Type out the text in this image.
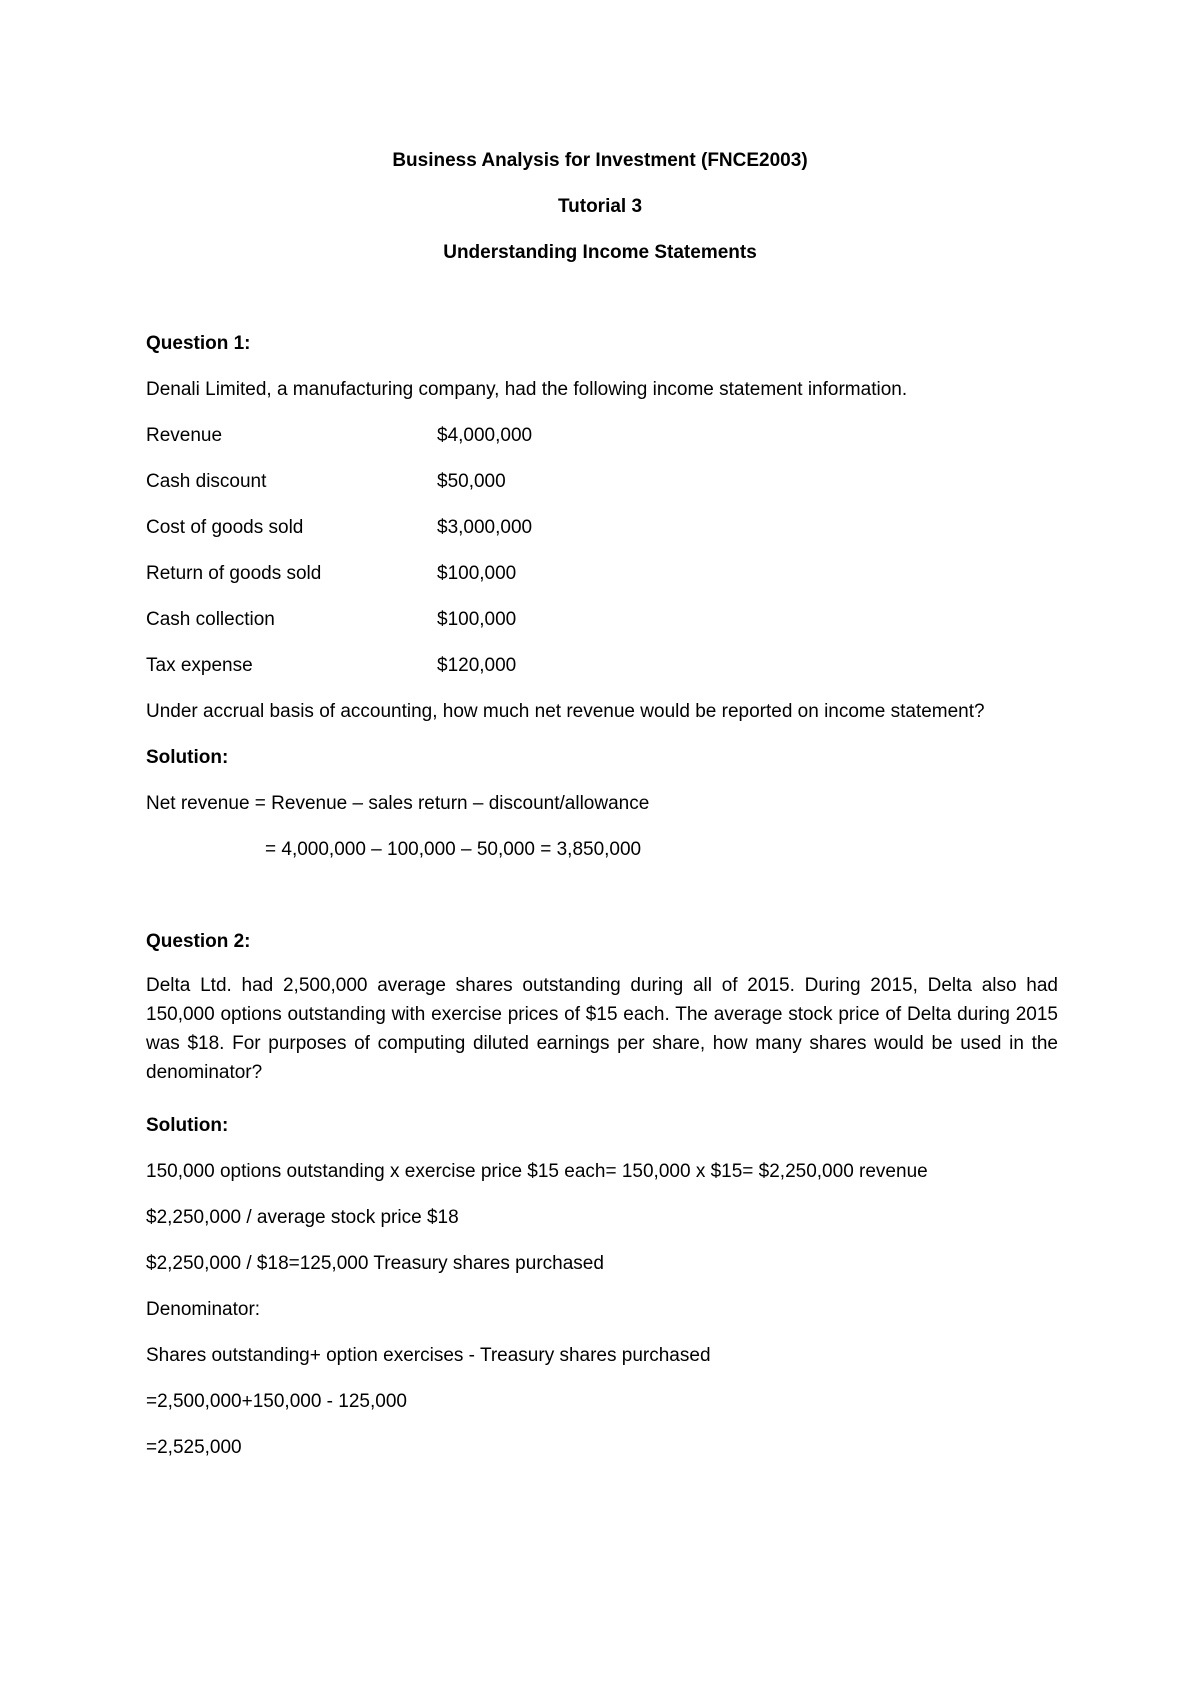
Business Analysis for Investment (FNCE2003)
Tutorial 3
Understanding Income Statements
Question 1:
Denali Limited, a manufacturing company, had the following income statement information.
Revenue	$4,000,000
Cash discount	$50,000
Cost of goods sold	$3,000,000
Return of goods sold	$100,000
Cash collection	$100,000
Tax expense	$120,000
Under accrual basis of accounting, how much net revenue would be reported on income statement?
Solution:
Net revenue = Revenue – sales return – discount/allowance
= 4,000,000 – 100,000 – 50,000 = 3,850,000
Question 2:
Delta Ltd. had 2,500,000 average shares outstanding during all of 2015. During 2015, Delta also had 150,000 options outstanding with exercise prices of $15 each. The average stock price of Delta during 2015 was $18. For purposes of computing diluted earnings per share, how many shares would be used in the denominator?
Solution:
150,000 options outstanding x exercise price $15 each= 150,000 x $15= $2,250,000 revenue
$2,250,000 / average stock price $18
$2,250,000 / $18=125,000 Treasury shares purchased
Denominator:
Shares outstanding+ option exercises - Treasury shares purchased
=2,500,000+150,000 - 125,000
=2,525,000
